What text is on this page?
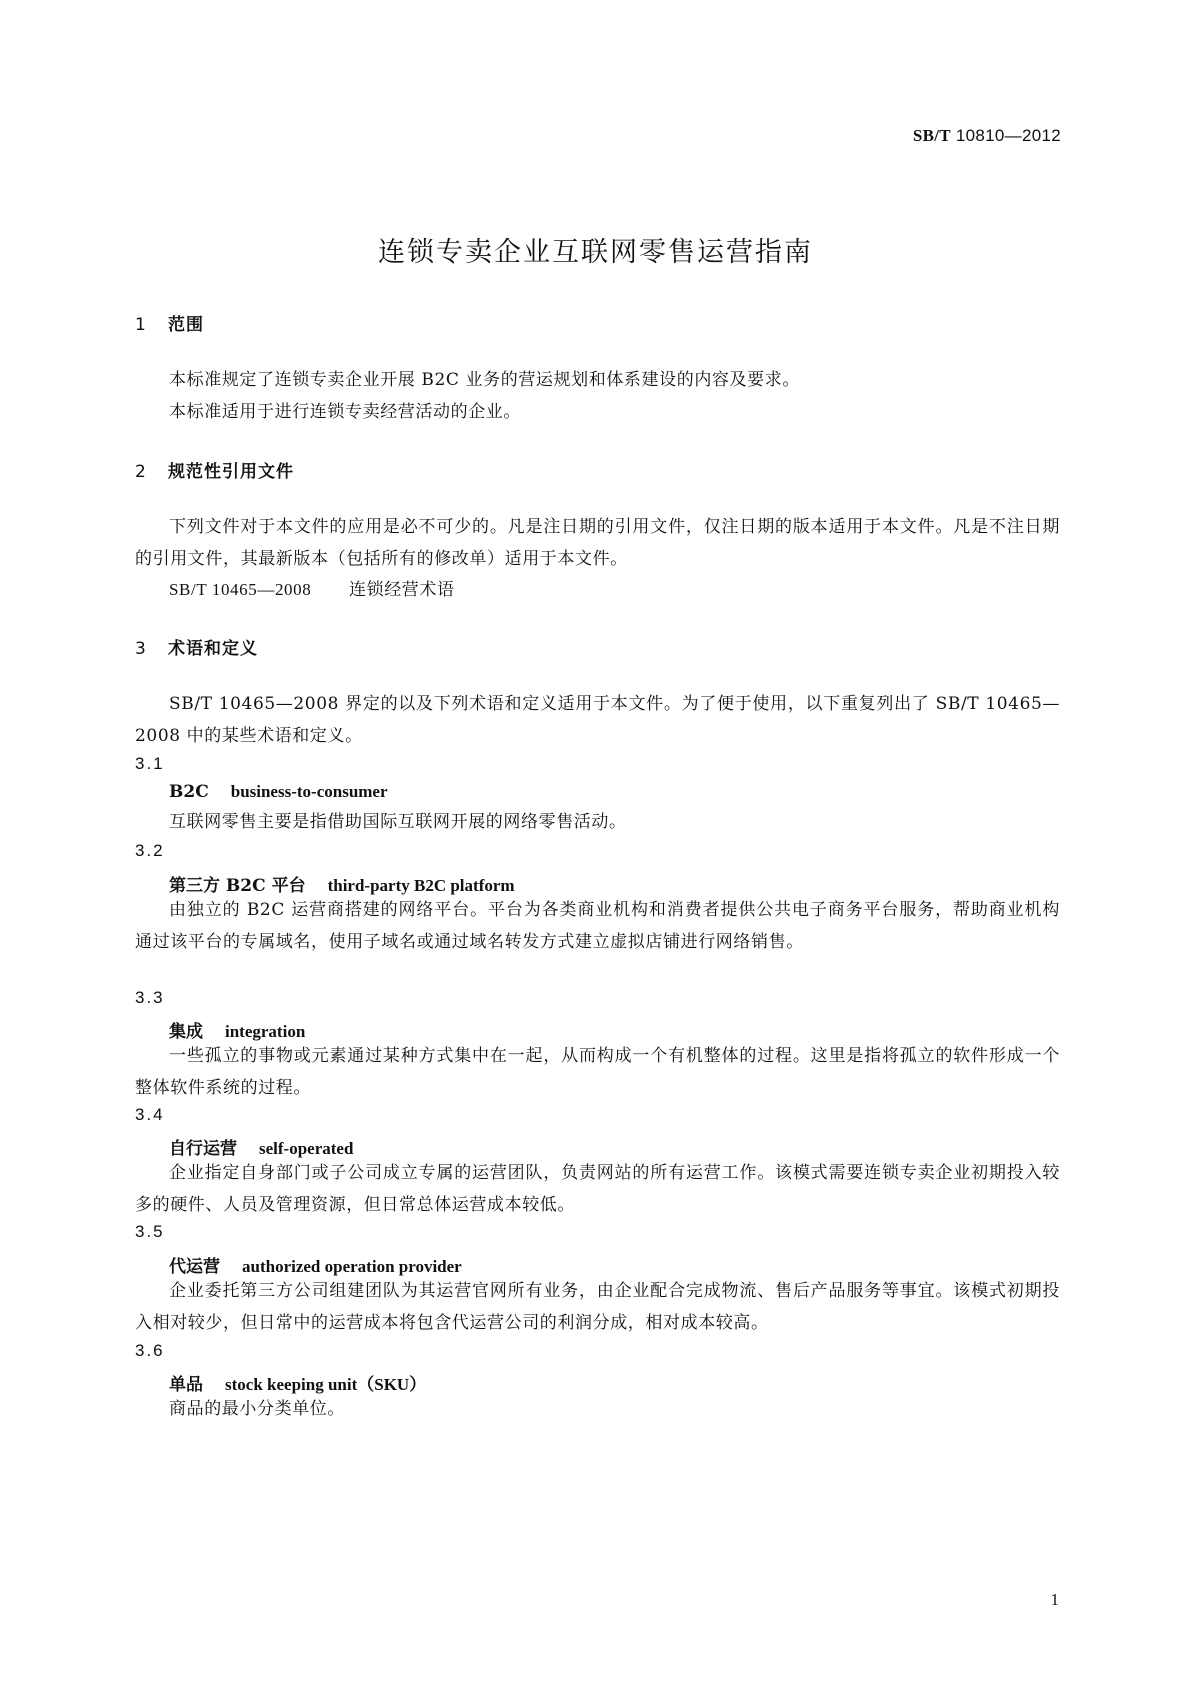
SB/T 10810—2012
连锁专卖企业互联网零售运营指南
1 范围
本标准规定了连锁专卖企业开展 B2C 业务的营运规划和体系建设的内容及要求。
本标准适用于进行连锁专卖经营活动的企业。
2 规范性引用文件
下列文件对于本文件的应用是必不可少的。凡是注日期的引用文件，仅注日期的版本适用于本文件。凡是不注日期的引用文件，其最新版本（包括所有的修改单）适用于本文件。
SB/T 10465—2008 连锁经营术语
3 术语和定义
SB/T 10465—2008 界定的以及下列术语和定义适用于本文件。为了便于使用，以下重复列出了 SB/T 10465—2008 中的某些术语和定义。
3.1
B2C business-to-consumer
互联网零售主要是指借助国际互联网开展的网络零售活动。
3.2
第三方 B2C 平台 third-party B2C platform
由独立的 B2C 运营商搭建的网络平台。平台为各类商业机构和消费者提供公共电子商务平台服务，帮助商业机构通过该平台的专属域名，使用子域名或通过域名转发方式建立虚拟店铺进行网络销售。
3.3
集成 integration
一些孤立的事物或元素通过某种方式集中在一起，从而构成一个有机整体的过程。这里是指将孤立的软件形成一个整体软件系统的过程。
3.4
自行运营 self-operated
企业指定自身部门或子公司成立专属的运营团队，负责网站的所有运营工作。该模式需要连锁专卖企业初期投入较多的硬件、人员及管理资源，但日常总体运营成本较低。
3.5
代运营 authorized operation provider
企业委托第三方公司组建团队为其运营官网所有业务，由企业配合完成物流、售后产品服务等事宜。该模式初期投入相对较少，但日常中的运营成本将包含代运营公司的利润分成，相对成本较高。
3.6
单品 stock keeping unit（SKU）
商品的最小分类单位。
1
